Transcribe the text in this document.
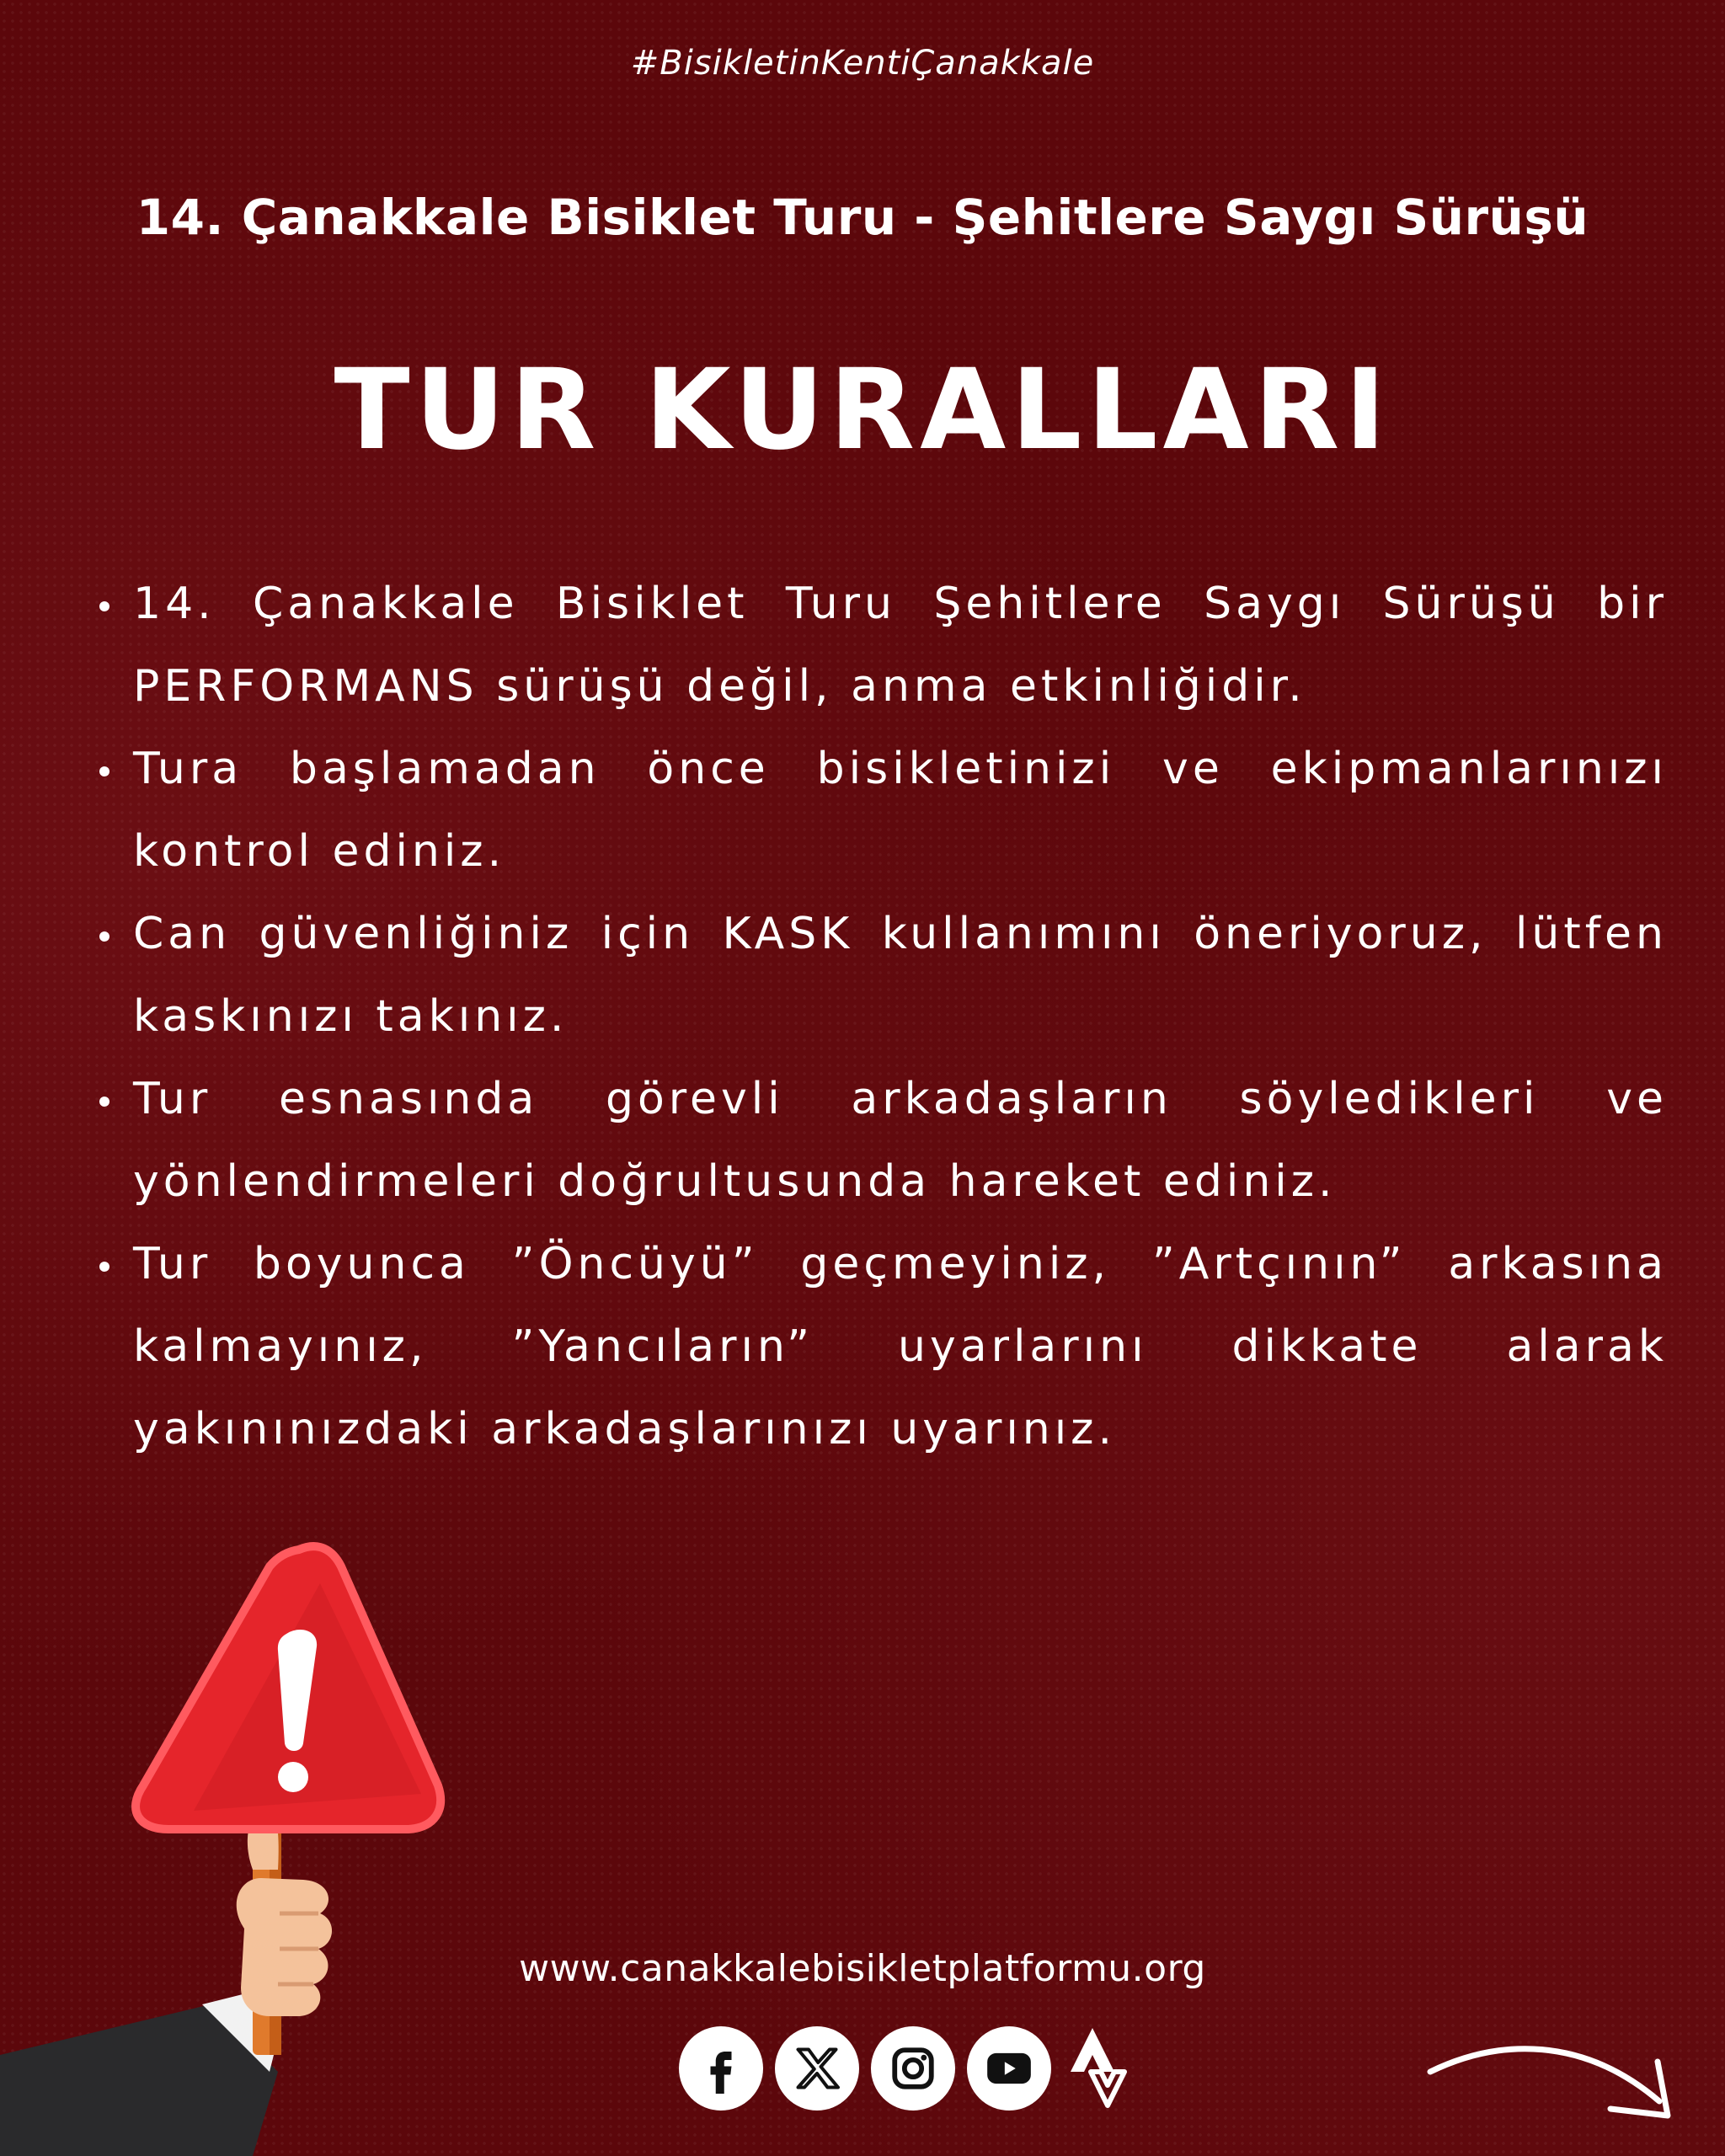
#BisikletinKentiÇanakkale
14. Çanakkale Bisiklet Turu - Şehitlere Saygı Sürüşü
TUR KURALLARI
14. Çanakkale Bisiklet Turu Şehitlere Saygı Sürüşü bir PERFORMANS sürüşü değil, anma etkinliğidir.
Tura başlamadan önce bisikletinizi ve ekipmanlarınızı kontrol ediniz.
Can güvenliğiniz için KASK kullanımını öneriyoruz, lütfen kaskınızı takınız.
Tur esnasında görevli arkadaşların söyledikleri ve yönlendirmeleri doğrultusunda hareket ediniz.
Tur boyunca ”Öncüyü” geçmeyiniz, ”Artçının” arkasına kalmayınız, ”Yancıların” uyarlarını dikkate alarak yakınınızdaki arkadaşlarınızı uyarınız.
www.canakkalebisikletplatformu.org
